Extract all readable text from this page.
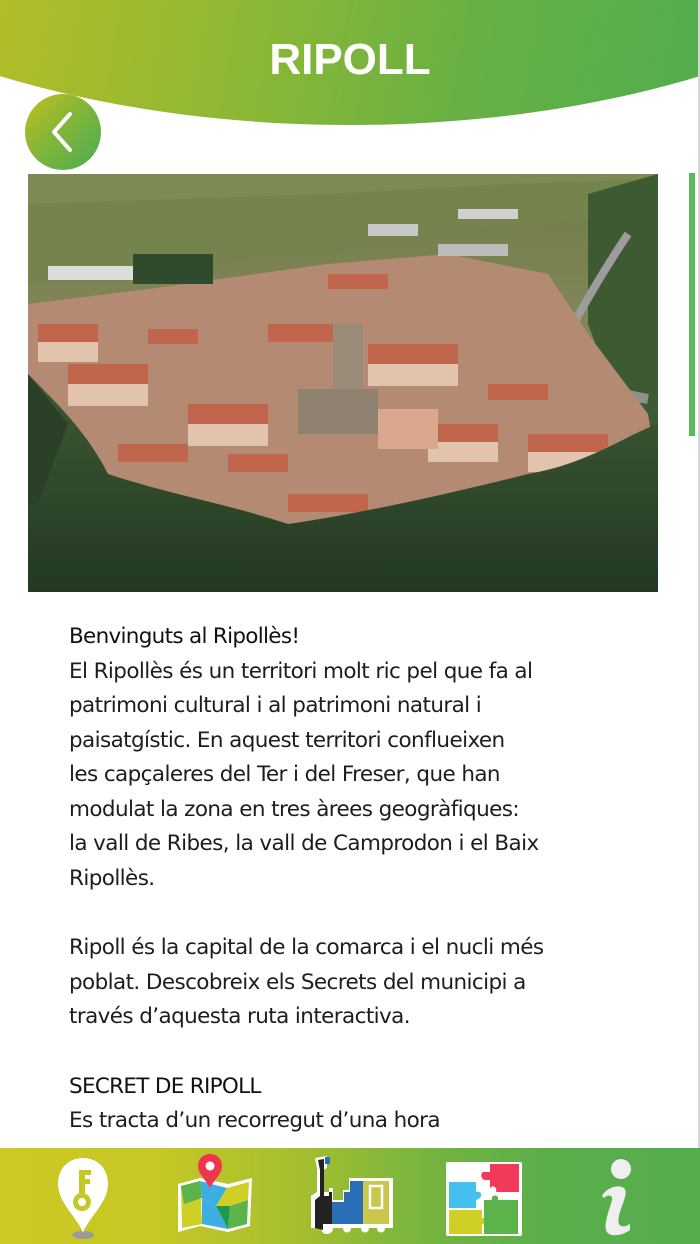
RIPOLL

Benvinguts al Ripollès!

El Ripollès és un territori molt ric pel que fa al

patrimoni cultural i al patrimoni natural i

paisatgístic. En aquest territori conflueixen

les capçaleres del Ter i del Freser, que han

modulat la zona en tres àrees geogràfiques:

la vall de Ribes, la vall de Camprodon i el Baix

Ripollès.

Ripoll és la capital de la comarca i el nucli més

poblat. Descobreix els Secrets del municipi a

través d’aquesta ruta interactiva.

SECRET DE RIPOLL

Es tracta d’un recorregut d’una hora
